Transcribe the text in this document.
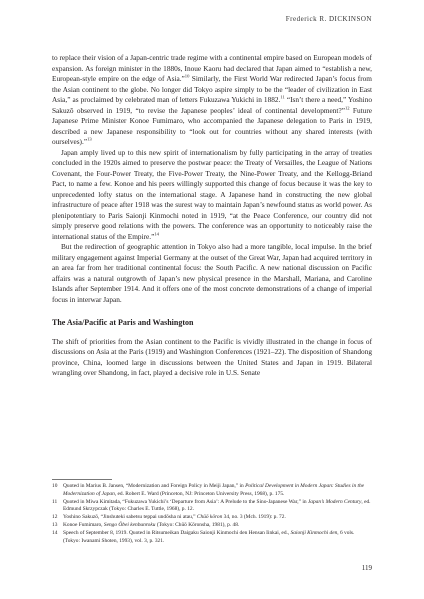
Frederick R. DICKINSON

to replace their vision of a Japan-centric trade regime with a continental empire based on European models of expansion. As foreign minister in the 1880s, Inoue Kaoru had declared that Japan aimed to “establish a new, European-style empire on the edge of Asia.”$^{10}$ Similarly, the First World War redirected Japan’s focus from the Asian continent to the globe. No longer did Tokyo aspire simply to be the “leader of civilization in East Asia,” as proclaimed by celebrated man of letters Fukuzawa Yukichi in 1882.11 “Isn’t there a need,” Yoshino Sakuzō observed in 1919, “to revise the Japanese peoples’ ideal of continental development?”$^{12}$ Future Japanese Prime Minister Konoe Fumimaro, who accompanied the Japanese delegation to Paris in 1919, described a new Japanese responsibility to “look out for countries without any shared interests (with ourselves).”$^{13}$

Japan amply lived up to this new spirit of internationalism by fully participating in the array of treaties concluded in the 1920s aimed to preserve the postwar peace: the Treaty of Versailles, the League of Nations Covenant, the Four-Power Treaty, the Five-Power Treaty, the Nine-Power Treaty, and the Kellogg-Briand Pact, to name a few. Konoe and his peers willingly supported this change of focus because it was the key to unprecedented lofty status on the international stage. A Japanese hand in constructing the new global infrastructure of peace after 1918 was the surest way to maintain Japan’s newfound status as world power. As plenipotentiary to Paris Saionji Kinmochi noted in 1919, “at the Peace Conference, our country did not simply preserve good relations with the powers. The conference was an opportunity to noticeably raise the international status of the Empire.”$^{14}$

But the redirection of geographic attention in Tokyo also had a more tangible, local impulse. In the brief military engagement against Imperial Germany at the outset of the Great War, Japan had acquired territory in an area far from her traditional continental focus: the South Pacific. A new national discussion on Pacific affairs was a natural outgrowth of Japan’s new physical presence in the Marshall, Mariana, and Caroline Islands after September 1914. And it offers one of the most concrete demonstrations of a change of imperial focus in interwar Japan.

The Asia/Pacific at Paris and Washington

The shift of priorities from the Asian continent to the Pacific is vividly illustrated in the change in focus of discussions on Asia at the Paris (1919) and Washington Conferences (1921–22). The disposition of Shandong province, China, loomed large in discussions between the United States and Japan in 1919. Bilateral wrangling over Shandong, in fact, played a decisive role in U.S. Senate

10 Quoted in Marius B. Jansen, “Modernization and Foreign Policy in Meiji Japan,” in Political Development in Modern Japan: Studies in the Modernization of Japan, ed. Robert E. Ward (Princeton, NJ: Princeton University Press, 1968), p. 175.
11 Quoted in Miwa Kimitada, “Fukuzawa Yukichi’s ‘Departure from Asia’: A Prelude to the Sino-Japanese War,” in Japan’s Modern Century, ed. Edmund Skrzypczak (Tokyo: Charles E. Tuttle, 1968), p. 12.
12 Yoshino Sakuzō, “Jinshuteki sabetsu teppai undōsha ni atau,” Chūō kōron 34, no. 3 (Mch. 1919): p. 72.
13 Konoe Fumimaro, Sengo Ōbei kenbunroku (Tokyo: Chūō Kōronsha, 1981), p. 48.
14 Speech of September 8, 1919. Quoted in Ritsumeikan Daigaku Saionji Kinmochi den Hensan Iinkai, ed., Saionji Kinmochi den, 6 vols. (Tokyo: Iwanami Shoten, 1993), vol. 3, p. 321.
119
